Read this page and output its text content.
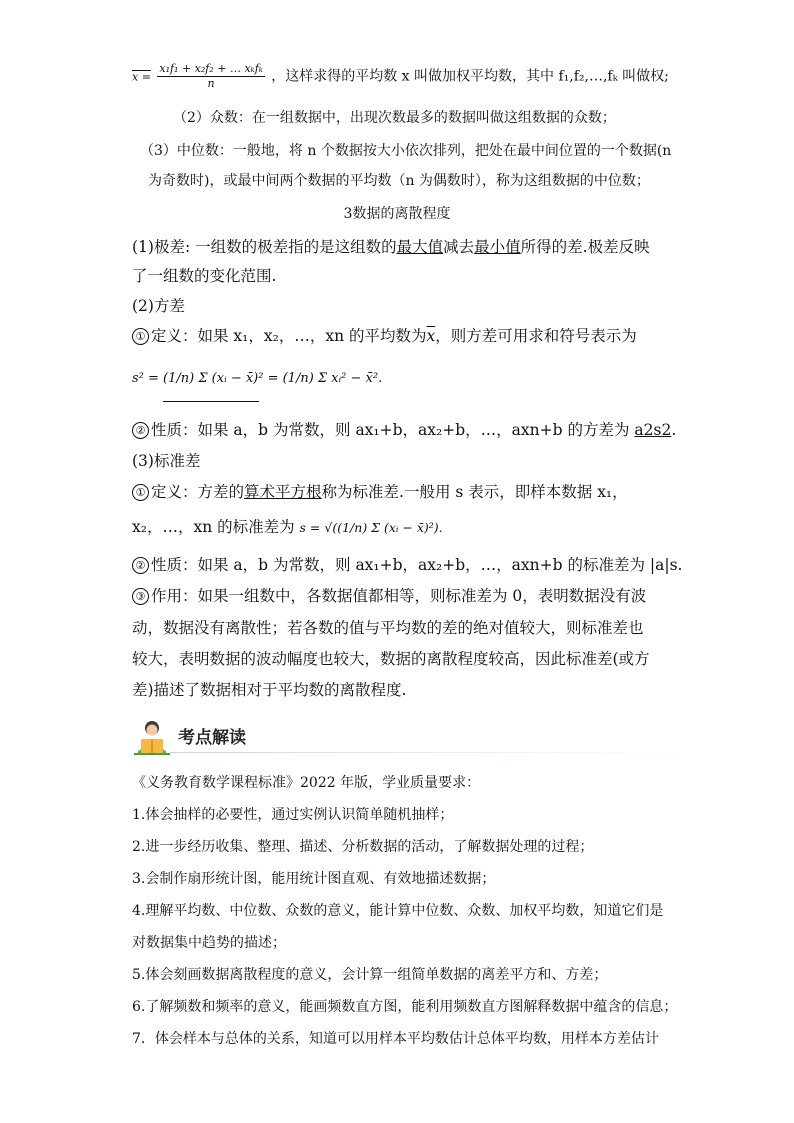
$x = \frac{\text{x₁f₁ + x₂f₂ + … xₖfₖ}}{n}$ ，这样求得的平均数 x 叫做加权平均数，其中 f₁,f₂,…,fₖ 叫做权;
（2）众数：在一组数据中，出现次数最多的数据叫做这组数据的众数；
（3）中位数：一般地，将 n 个数据按大小依次排列，把处在最中间位置的一个数据(n
为奇数时)，或最中间两个数据的平均数（n 为偶数时），称为这组数据的中位数；
3数据的离散程度
(1)极差: 一组数的极差指的是这组数的最大值减去最小值所得的差.极差反映
了一组数的变化范围.
(2)方差
① 定义：如果 x₁，x₂，…，xn 的平均数为$\overline{x}$，则方差可用求和符号表示为
s² = (1/n) Σ (xᵢ − x̄)² = (1/n) Σ xᵢ² − x̄².
② 性质：如果 a，b 为常数，则 ax₁+b，ax₂+b，…，axn+b 的方差为 a2s2.
(3)标准差
① 定义：方差的算术平方根称为标准差.一般用 s 表示，即样本数据 x₁，
x₂，…，xn 的标准差为 s = √((1/n) Σ (xᵢ − x̄)²).
② 性质：如果 a，b 为常数，则 ax₁+b，ax₂+b，…，axn+b 的标准差为 |a|s.
③ 作用：如果一组数中，各数据值都相等，则标准差为 0，表明数据没有波
动，数据没有离散性；若各数的值与平均数的差的绝对值较大，则标准差也
较大，表明数据的波动幅度也较大，数据的离散程度较高，因此标准差(或方
差)描述了数据相对于平均数的离散程度.
考点解读
《义务教育数学课程标准》2022 年版，学业质量要求：
1.体会抽样的必要性，通过实例认识简单随机抽样；
2.进一步经历收集、整理、描述、分析数据的活动，了解数据处理的过程；
3.会制作扇形统计图，能用统计图直观、有效地描述数据；
4.理解平均数、中位数、众数的意义，能计算中位数、众数、加权平均数，知道它们是
对数据集中趋势的描述；
5.体会刻画数据离散程度的意义，会计算一组简单数据的离差平方和、方差；
6.了解频数和频率的意义，能画频数直方图，能利用频数直方图解释数据中蕴含的信息；
7．体会样本与总体的关系，知道可以用样本平均数估计总体平均数，用样本方差估计
